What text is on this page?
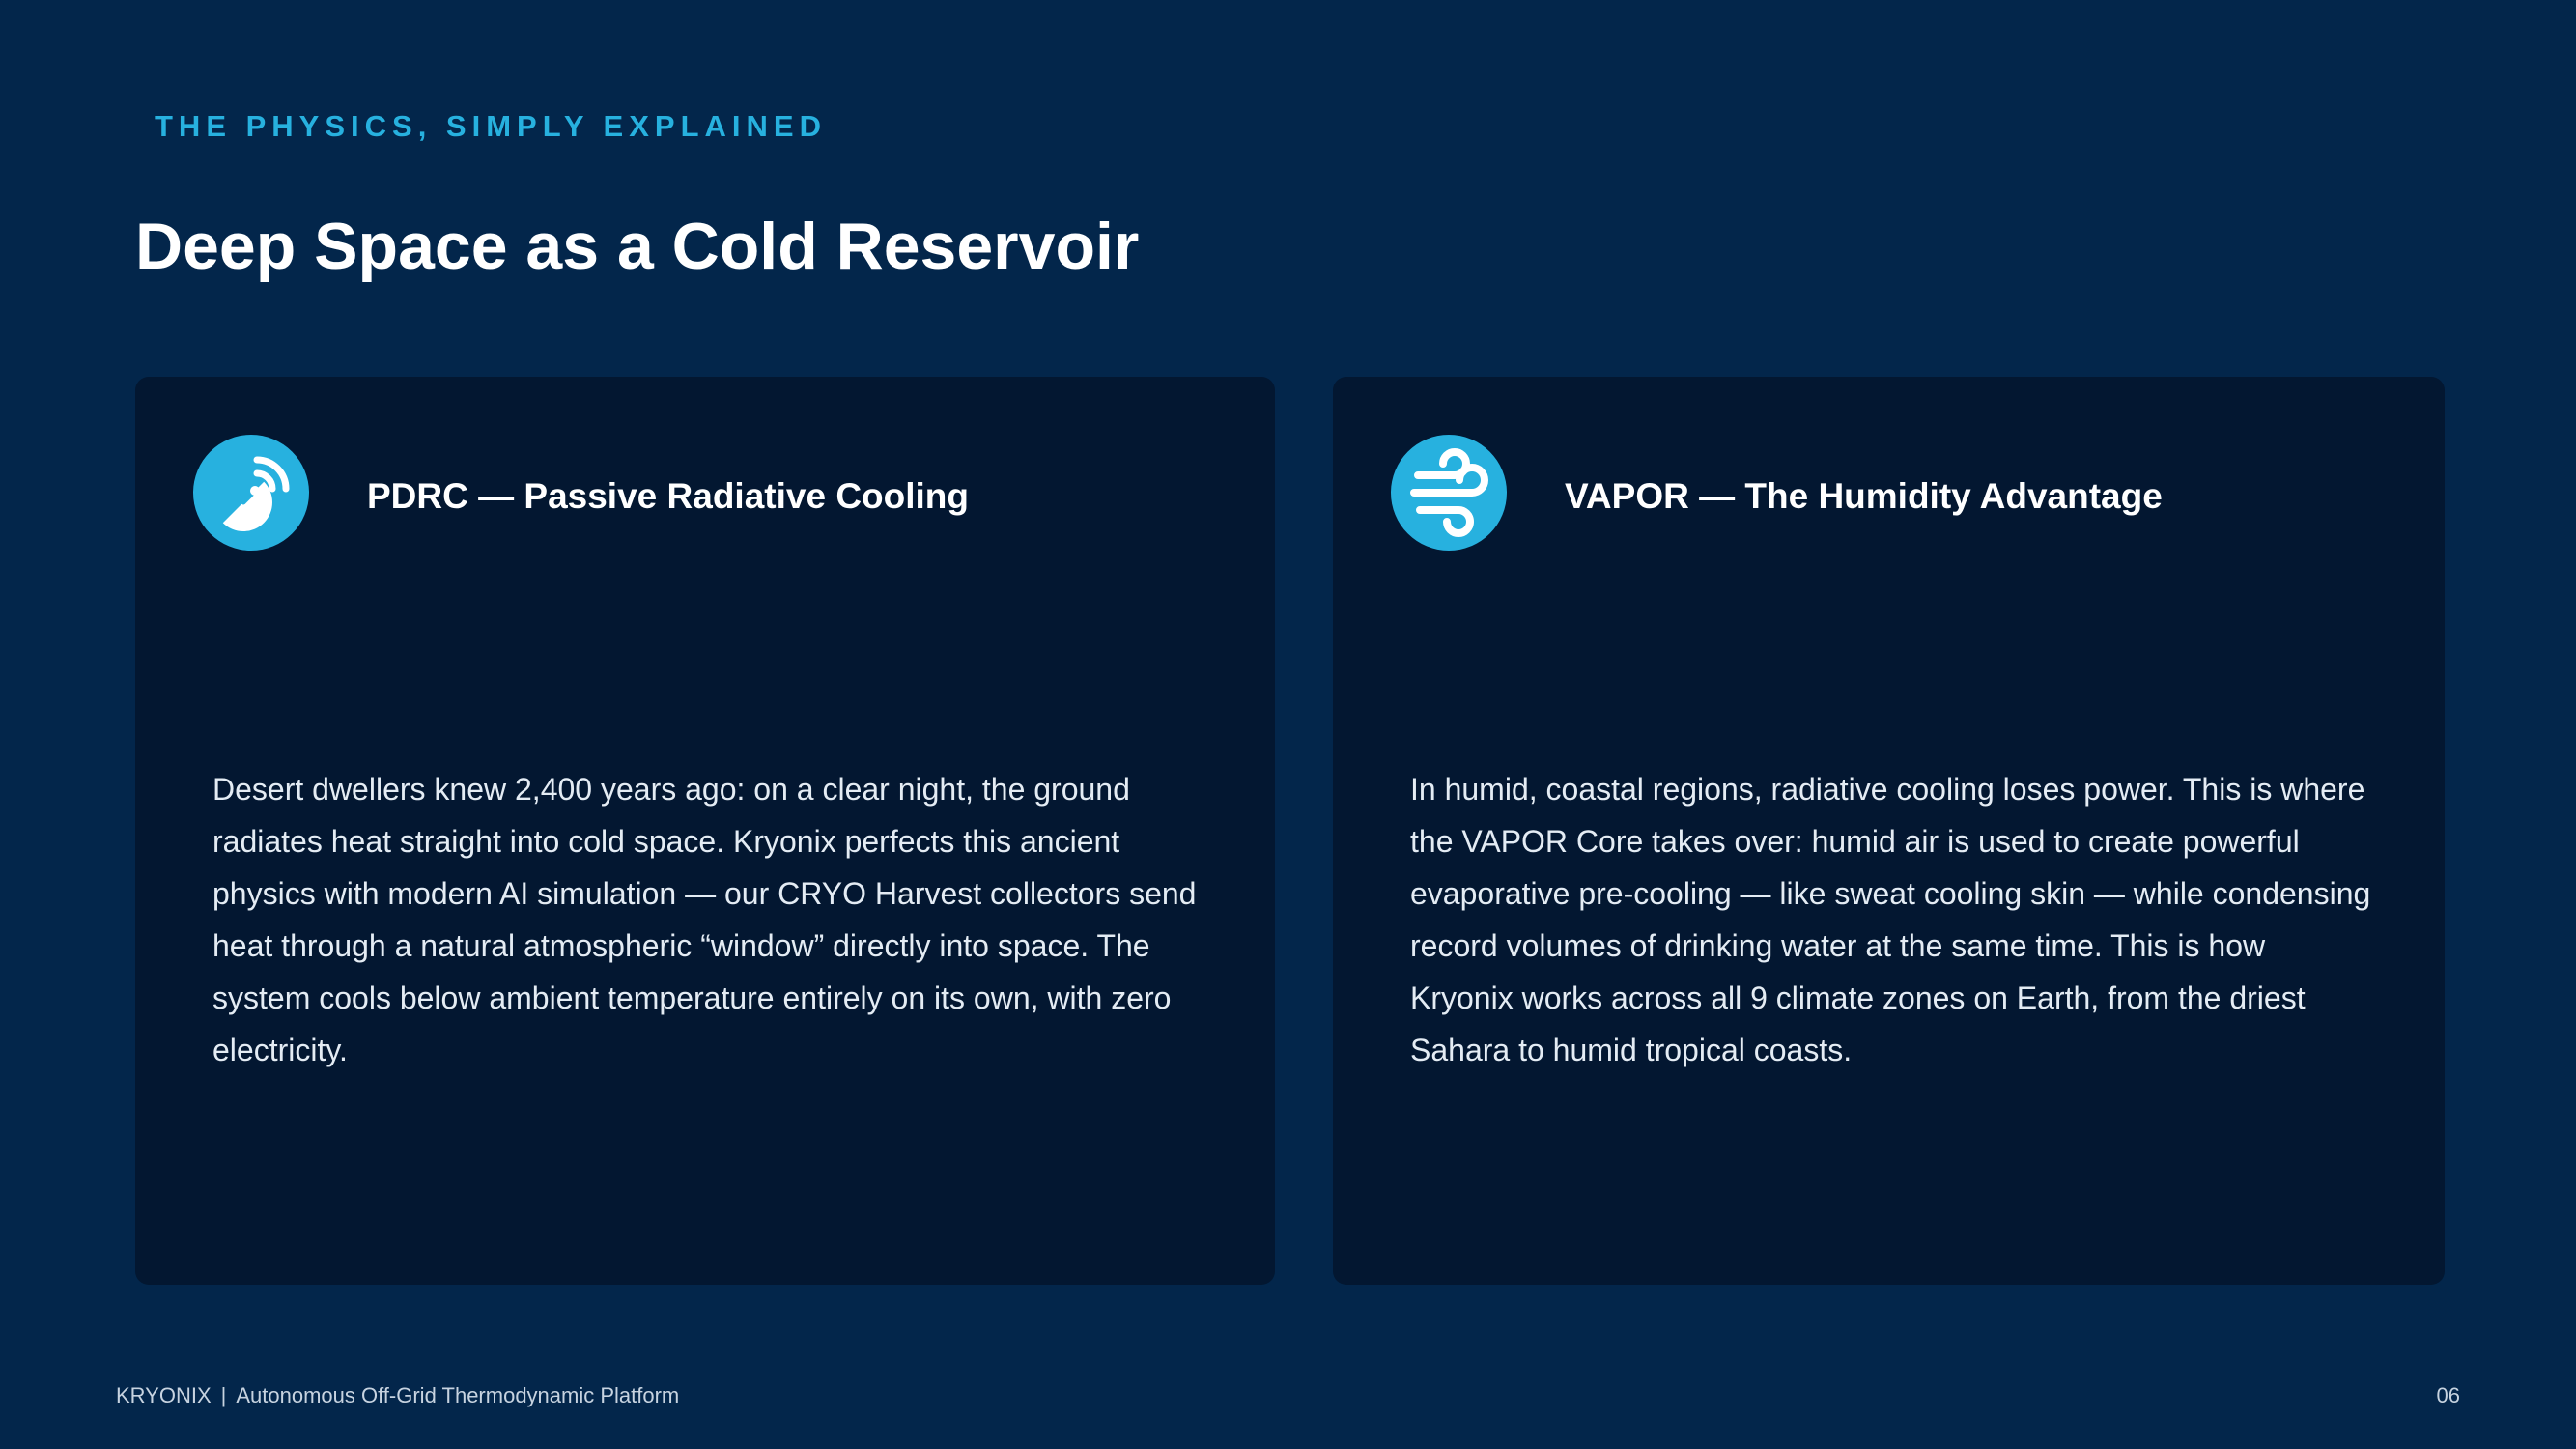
THE PHYSICS, SIMPLY EXPLAINED
Deep Space as a Cold Reservoir
PDRC — Passive Radiative Cooling

Desert dwellers knew 2,400 years ago: on a clear night, the ground
radiates heat straight into cold space. Kryonix perfects this ancient
physics with modern AI simulation — our CRYO Harvest collectors send
heat through a natural atmospheric “window” directly into space. The
system cools below ambient temperature entirely on its own, with zero
electricity.

VAPOR — The Humidity Advantage

In humid, coastal regions, radiative cooling loses power. This is where
the VAPOR Core takes over: humid air is used to create powerful
evaporative pre-cooling — like sweat cooling skin — while condensing
record volumes of drinking water at the same time. This is how
Kryonix works across all 9 climate zones on Earth, from the driest
Sahara to humid tropical coasts.

KRYONIX | Autonomous Off-Grid Thermodynamic Platform	06
